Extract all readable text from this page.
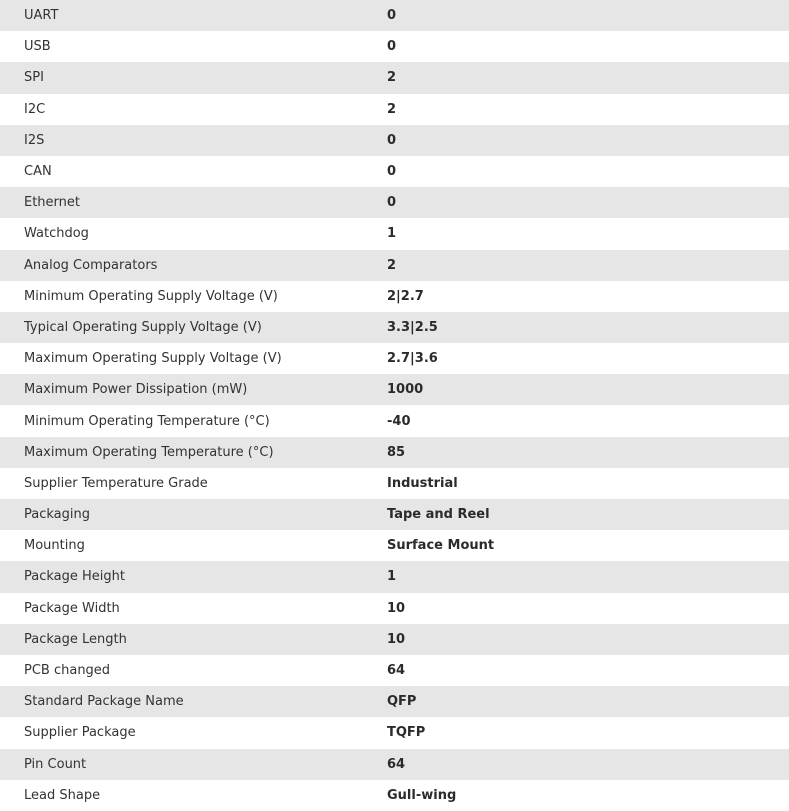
UART	0
USB	0
SPI	2
I2C	2
I2S	0
CAN	0
Ethernet	0
Watchdog	1
Analog Comparators	2
Minimum Operating Supply Voltage (V)	2|2.7
Typical Operating Supply Voltage (V)	3.3|2.5
Maximum Operating Supply Voltage (V)	2.7|3.6
Maximum Power Dissipation (mW)	1000
Minimum Operating Temperature (°C)	-40
Maximum Operating Temperature (°C)	85
Supplier Temperature Grade	Industrial
Packaging	Tape and Reel
Mounting	Surface Mount
Package Height	1
Package Width	10
Package Length	10
PCB changed	64
Standard Package Name	QFP
Supplier Package	TQFP
Pin Count	64
Lead Shape	Gull-wing
